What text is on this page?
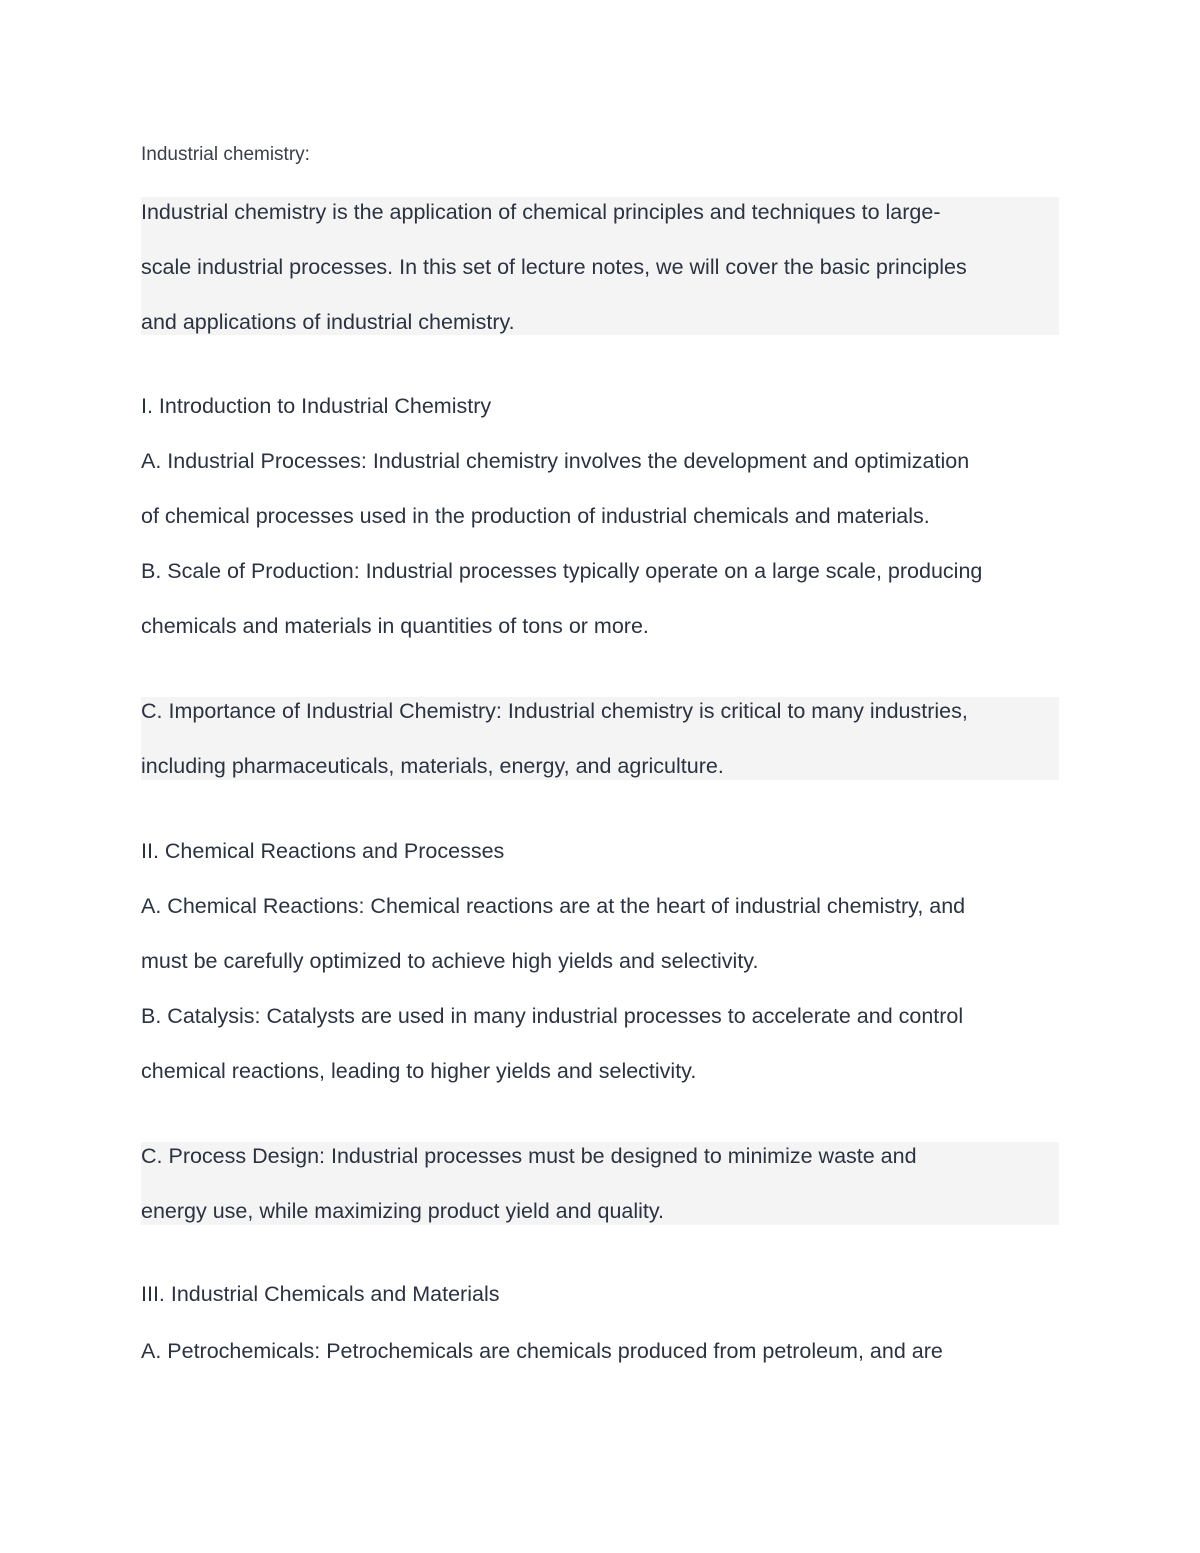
Industrial chemistry:
Industrial chemistry is the application of chemical principles and techniques to large-
scale industrial processes. In this set of lecture notes, we will cover the basic principles
and applications of industrial chemistry.
I. Introduction to Industrial Chemistry
A. Industrial Processes: Industrial chemistry involves the development and optimization
of chemical processes used in the production of industrial chemicals and materials.
B. Scale of Production: Industrial processes typically operate on a large scale, producing
chemicals and materials in quantities of tons or more.
C. Importance of Industrial Chemistry: Industrial chemistry is critical to many industries,
including pharmaceuticals, materials, energy, and agriculture.
II. Chemical Reactions and Processes
A. Chemical Reactions: Chemical reactions are at the heart of industrial chemistry, and
must be carefully optimized to achieve high yields and selectivity.
B. Catalysis: Catalysts are used in many industrial processes to accelerate and control
chemical reactions, leading to higher yields and selectivity.
C. Process Design: Industrial processes must be designed to minimize waste and
energy use, while maximizing product yield and quality.
III. Industrial Chemicals and Materials
A. Petrochemicals: Petrochemicals are chemicals produced from petroleum, and are
